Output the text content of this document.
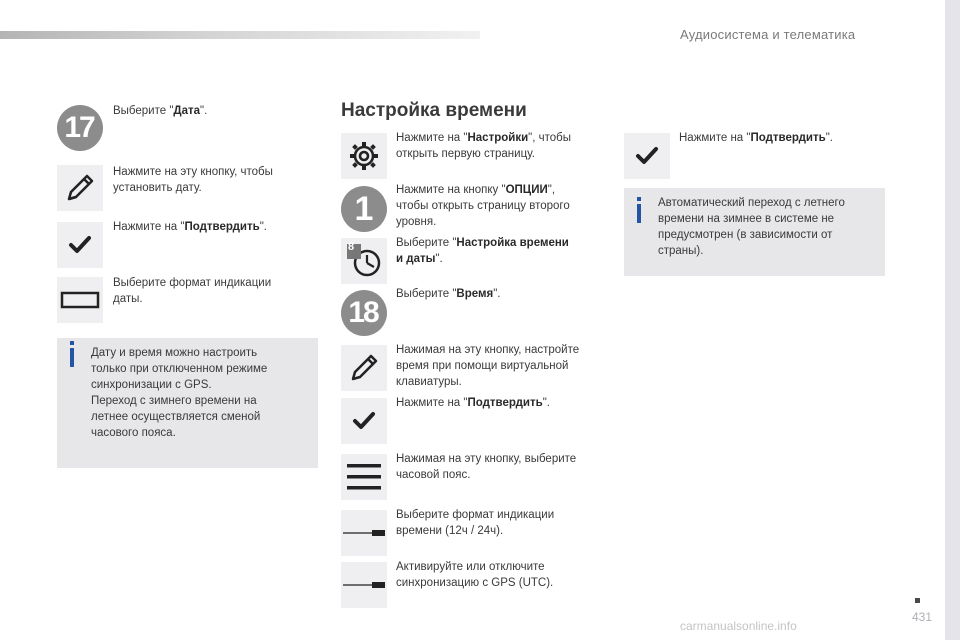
Аудиосистема и телематика
17 Выберите "Дата".
Нажмите на эту кнопку, чтобы
установить дату.
Нажмите на "Подтвердить".
Выберите формат индикации
даты.
Дату и время можно настроить
только при отключенном режиме
синхронизации с GPS.
Переход с зимнего времени на
летнее осуществляется сменой
часового пояса.
Настройка времени
Нажмите на "Настройки", чтобы
открыть первую страницу.
1 Нажмите на кнопку "ОПЦИИ",
чтобы открыть страницу второго
уровня.
8	Выберите "Настройка времени
и даты".
18
Выберите "Время".
Нажимая на эту кнопку, настройте
время при помощи виртуальной
клавиатуры.
Нажмите на "Подтвердить".
Нажимая на эту кнопку, выберите
часовой пояс.
Выберите формат индикации
времени (12ч / 24ч).
Активируйте или отключите
синхронизацию с GPS (UTC).
Нажмите на "Подтвердить".
Автоматический переход с летнего
времени на зимнее в системе не
предусмотрен (в зависимости от
страны).
431
carmanualsonline.info
